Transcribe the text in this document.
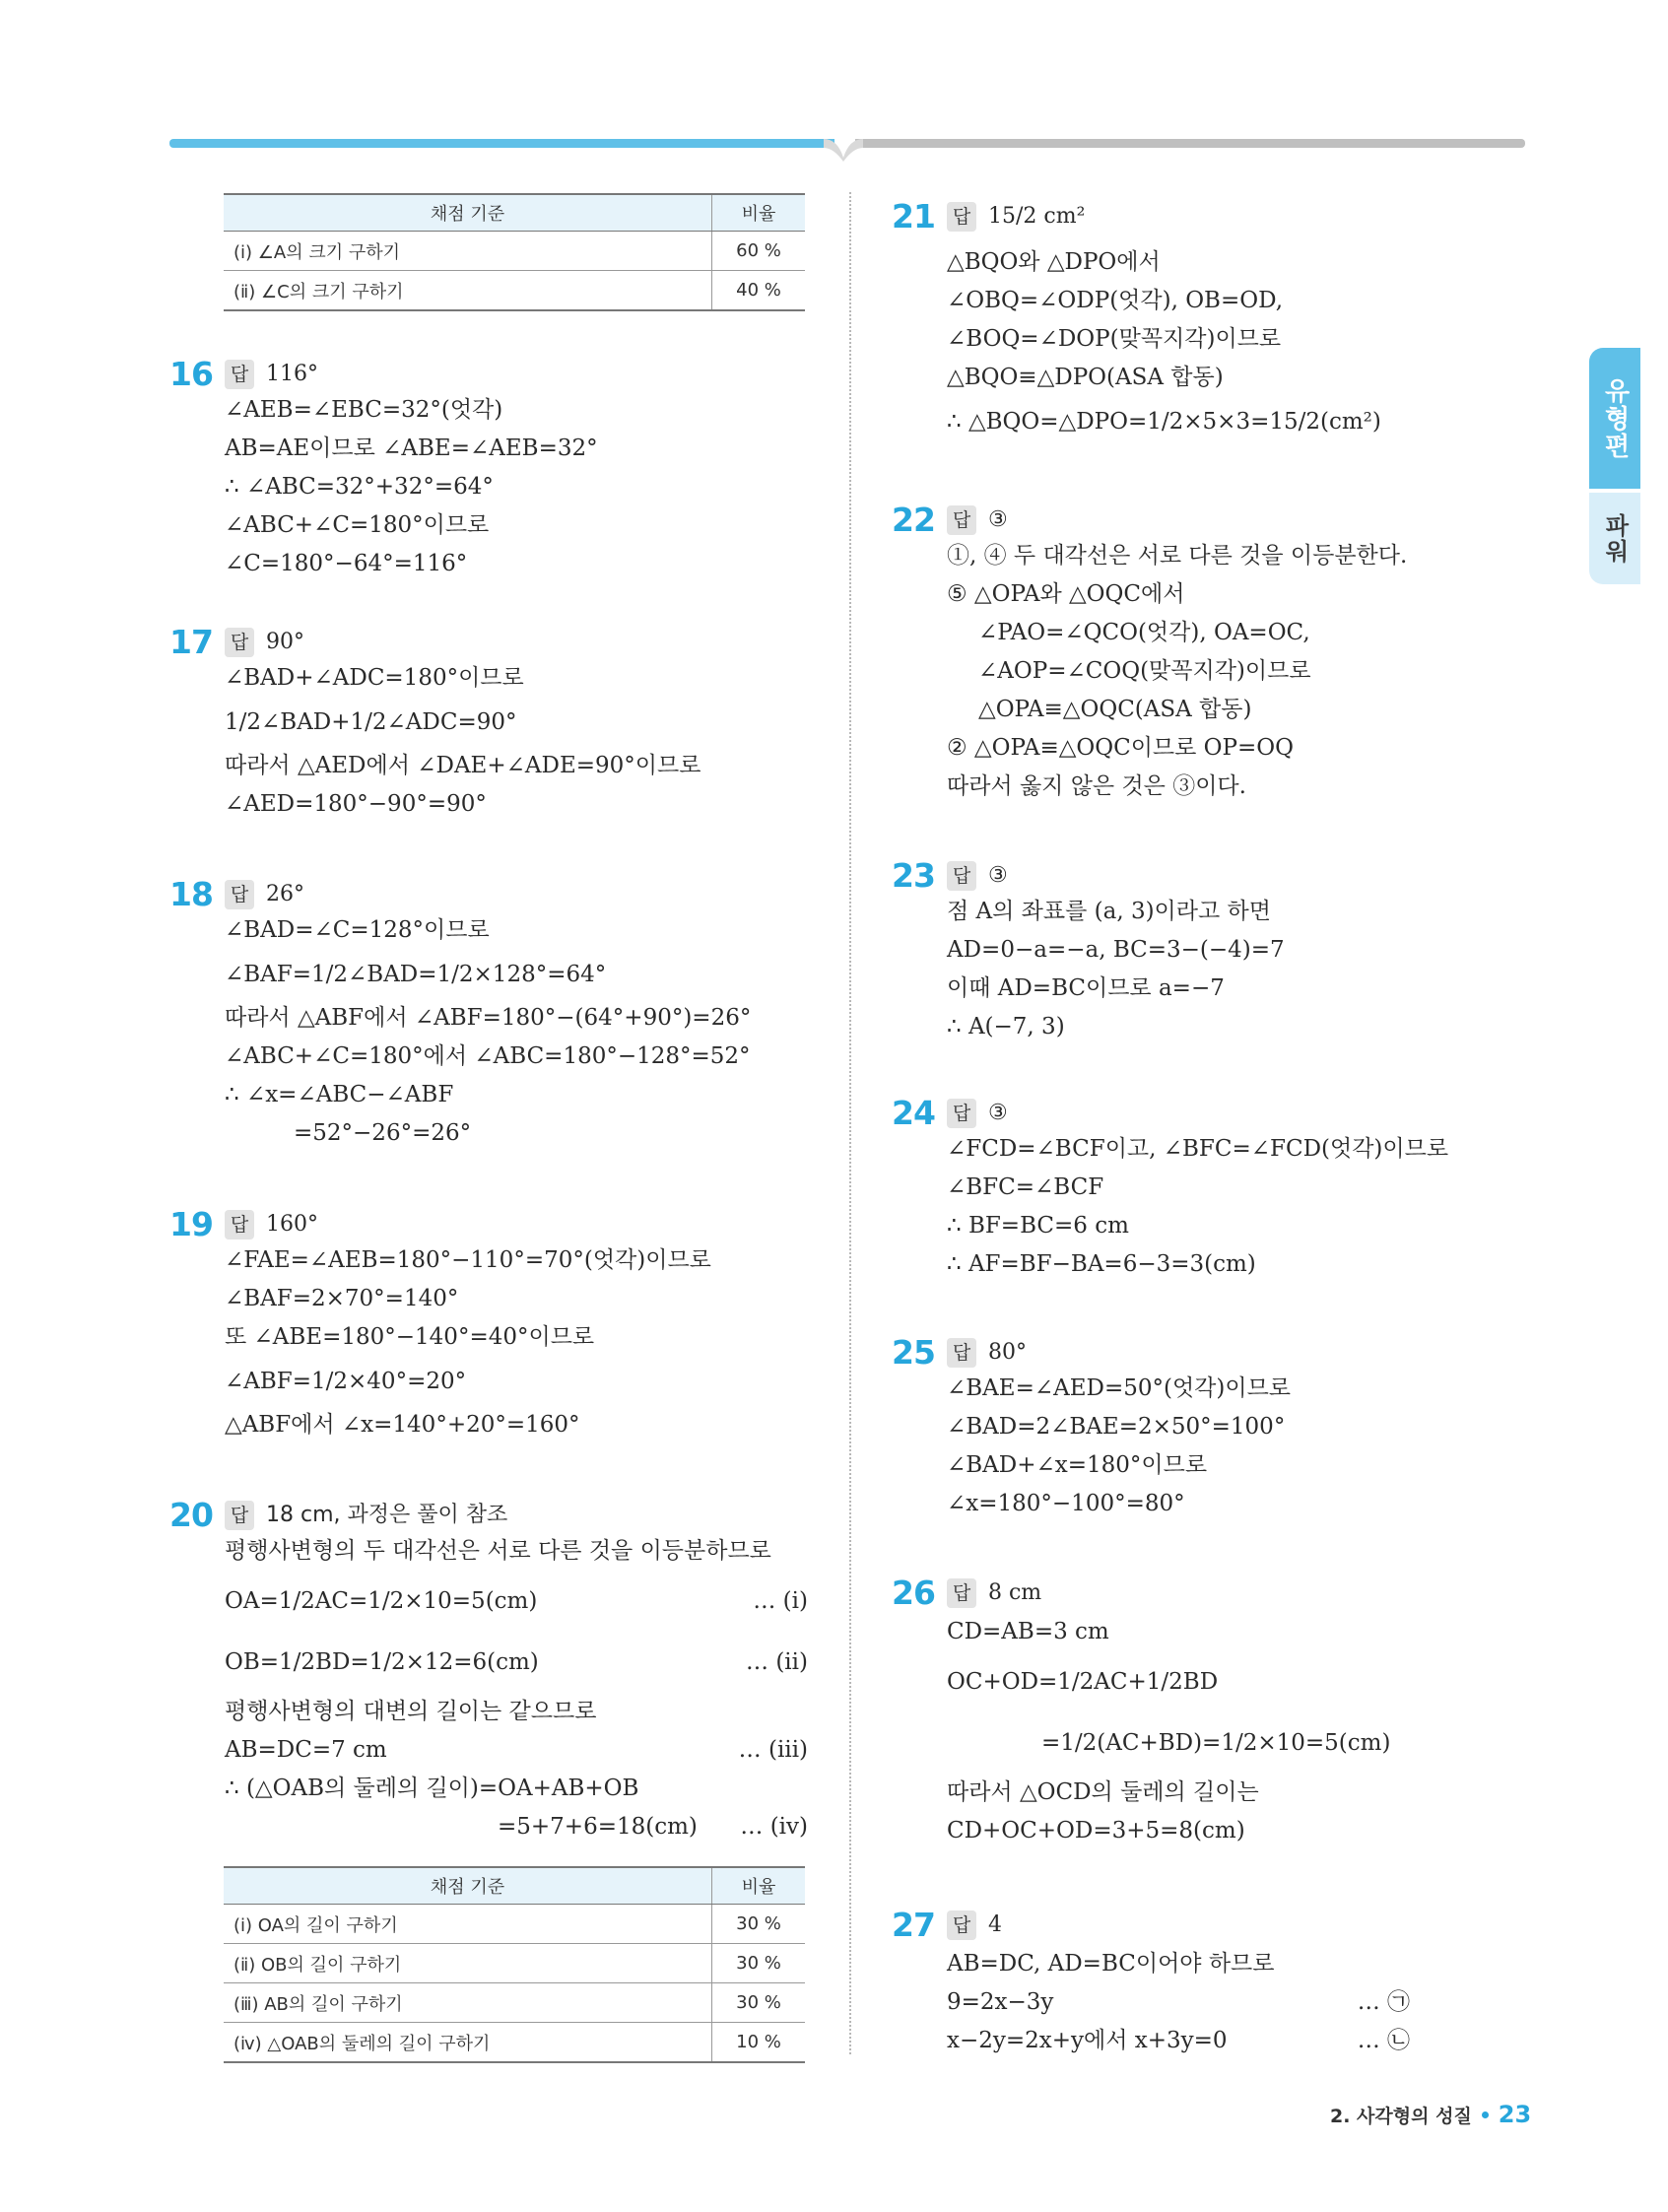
유형편
파워
채점 기준	비율
(ⅰ) ∠A의 크기 구하기	60 %
(ⅱ) ∠C의 크기 구하기	40 %
16 답 116°
∠AEB=∠EBC=32°(엇각)
AB=AE이므로 ∠ABE=∠AEB=32°
∴ ∠ABC=32°+32°=64°
∠ABC+∠C=180°이므로
∠C=180°−64°=116°
17 답 90°
∠BAD+∠ADC=180°이므로
1/2∠BAD+1/2∠ADC=90°
따라서 △AED에서 ∠DAE+∠ADE=90°이므로
∠AED=180°−90°=90°
18 답 26°
∠BAD=∠C=128°이므로
∠BAF=1/2∠BAD=1/2×128°=64°
따라서 △ABF에서 ∠ABF=180°−(64°+90°)=26°
∠ABC+∠C=180°에서 ∠ABC=180°−128°=52°
∴ ∠x=∠ABC−∠ABF
=52°−26°=26°
19 답 160°
∠FAE=∠AEB=180°−110°=70°(엇각)이므로
∠BAF=2×70°=140°
또 ∠ABE=180°−140°=40°이므로
∠ABF=1/2×40°=20°
△ABF에서 ∠x=140°+20°=160°
20 답 18 cm, 과정은 풀이 참조
평행사변형의 두 대각선은 서로 다른 것을 이등분하므로
OA=1/2AC=1/2×10=5(cm)	… (ⅰ)
OB=1/2BD=1/2×12=6(cm)	… (ⅱ)
평행사변형의 대변의 길이는 같으므로
AB=DC=7 cm	… (ⅲ)
∴ (△OAB의 둘레의 길이)=OA+AB+OB
=5+7+6=18(cm) … (ⅳ)
채점 기준	비율
(ⅰ) OA의 길이 구하기	30 %
(ⅱ) OB의 길이 구하기	30 %
(ⅲ) AB의 길이 구하기	30 %
(ⅳ) △OAB의 둘레의 길이 구하기	10 %
21 답 15/2 cm²
△BQO와 △DPO에서
∠OBQ=∠ODP(엇각), OB=OD,
∠BOQ=∠DOP(맞꼭지각)이므로
△BQO≡△DPO(ASA 합동)
∴ △BQO=△DPO=1/2×5×3=15/2(cm²)
22 답 ③
①, ④ 두 대각선은 서로 다른 것을 이등분한다.
⑤ △OPA와 △OQC에서
∠PAO=∠QCO(엇각), OA=OC,
∠AOP=∠COQ(맞꼭지각)이므로
△OPA≡△OQC(ASA 합동)
② △OPA≡△OQC이므로 OP=OQ
따라서 옳지 않은 것은 ③이다.
23 답 ③
점 A의 좌표를 (a, 3)이라고 하면
AD=0−a=−a, BC=3−(−4)=7
이때 AD=BC이므로 a=−7
∴ A(−7, 3)
24 답 ③
∠FCD=∠BCF이고, ∠BFC=∠FCD(엇각)이므로
∠BFC=∠BCF
∴ BF=BC=6 cm
∴ AF=BF−BA=6−3=3(cm)
25 답 80°
∠BAE=∠AED=50°(엇각)이므로
∠BAD=2∠BAE=2×50°=100°
∠BAD+∠x=180°이므로
∠x=180°−100°=80°
26 답 8 cm
CD=AB=3 cm
OC+OD=1/2AC+1/2BD
=1/2(AC+BD)=1/2×10=5(cm)
따라서 △OCD의 둘레의 길이는
CD+OC+OD=3+5=8(cm)
27 답 4
AB=DC, AD=BC이어야 하므로
9=2x−3y	… ㉠
x−2y=2x+y에서 x+3y=0	… ㉡
2. 사각형의 성질 23
